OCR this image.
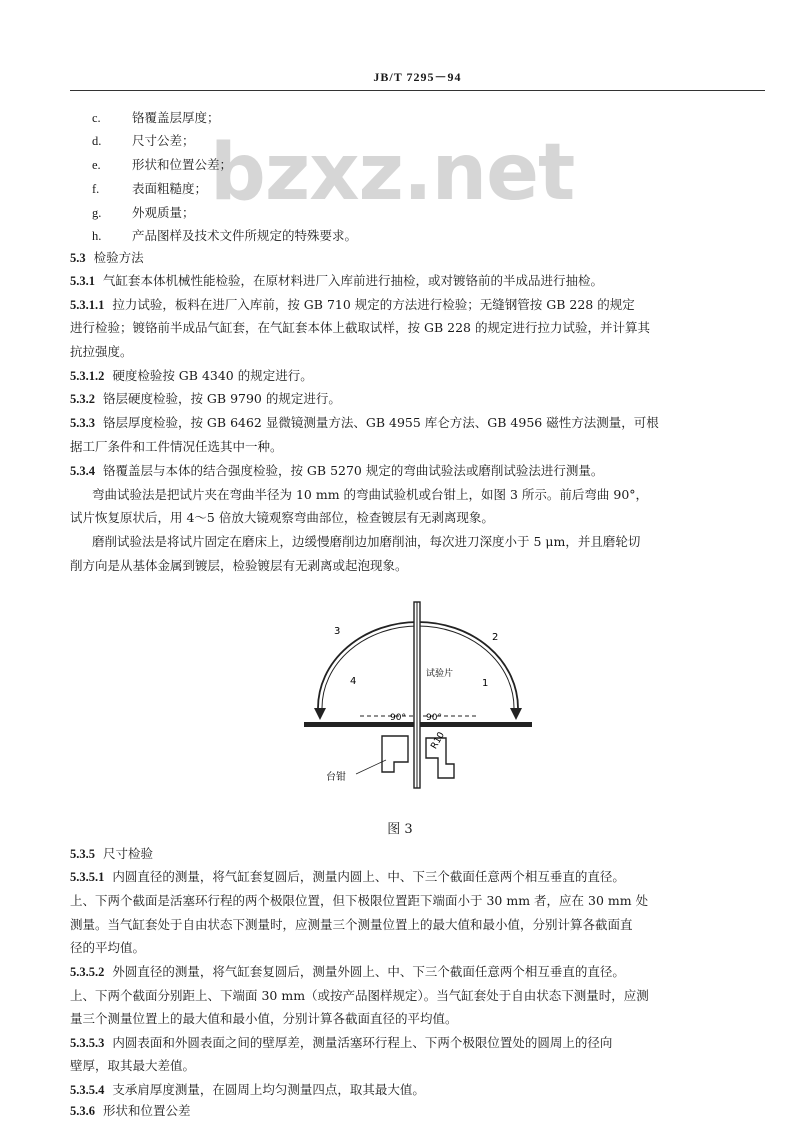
JB/T 7295－94
bzxz.net
c.	铬覆盖层厚度；
d. 尺寸公差；
e.	形状和位置公差；
f.	表面粗糙度；
g. 外观质量；
h. 产品图样及技术文件所规定的特殊要求。
5.3 检验方法
5.3.1 气缸套本体机械性能检验，在原材料进厂入库前进行抽检，或对镀铬前的半成品进行抽检。
5.3.1.1 拉力试验，板料在进厂入库前，按 GB 710 规定的方法进行检验；无缝钢管按 GB 228 的规定
进行检验；镀铬前半成品气缸套，在气缸套本体上截取试样，按 GB 228 的规定进行拉力试验，并计算其
抗拉强度。
5.3.1.2 硬度检验按 GB 4340 的规定进行。
5.3.2 铬层硬度检验，按 GB 9790 的规定进行。
5.3.3 铬层厚度检验，按 GB 6462 显微镜测量方法、GB 4955 库仑方法、GB 4956 磁性方法测量，可根
据工厂条件和工件情况任选其中一种。
5.3.4 铬覆盖层与本体的结合强度检验，按 GB 5270 规定的弯曲试验法或磨削试验法进行测量。
弯曲试验法是把试片夹在弯曲半径为 10 mm 的弯曲试验机或台钳上，如图 3 所示。前后弯曲 90°，
试片恢复原状后，用 4～5 倍放大镜观察弯曲部位，检查镀层有无剥离现象。
磨削试验法是将试片固定在磨床上，边缓慢磨削边加磨削油，每次进刀深度小于 5 μm，并且磨轮切
削方向是从基体金属到镀层，检验镀层有无剥离或起泡现象。
3
2
4	1
试验片
90° 90°
R10
台钳
图 3
5.3.5 尺寸检验
5.3.5.1 内圆直径的测量，将气缸套复圆后，测量内圆上、中、下三个截面任意两个相互垂直的直径。
上、下两个截面是活塞环行程的两个极限位置，但下极限位置距下端面小于 30 mm 者，应在 30 mm 处
测量。当气缸套处于自由状态下测量时，应测量三个测量位置上的最大值和最小值，分别计算各截面直
径的平均值。
5.3.5.2 外圆直径的测量，将气缸套复圆后，测量外圆上、中、下三个截面任意两个相互垂直的直径。
上、下两个截面分别距上、下端面 30 mm（或按产品图样规定）。当气缸套处于自由状态下测量时，应测
量三个测量位置上的最大值和最小值，分别计算各截面直径的平均值。
5.3.5.3 内圆表面和外圆表面之间的壁厚差，测量活塞环行程上、下两个极限位置处的圆周上的径向
壁厚，取其最大差值。
5.3.5.4 支承肩厚度测量，在圆周上均匀测量四点，取其最大值。
5.3.6 形状和位置公差
